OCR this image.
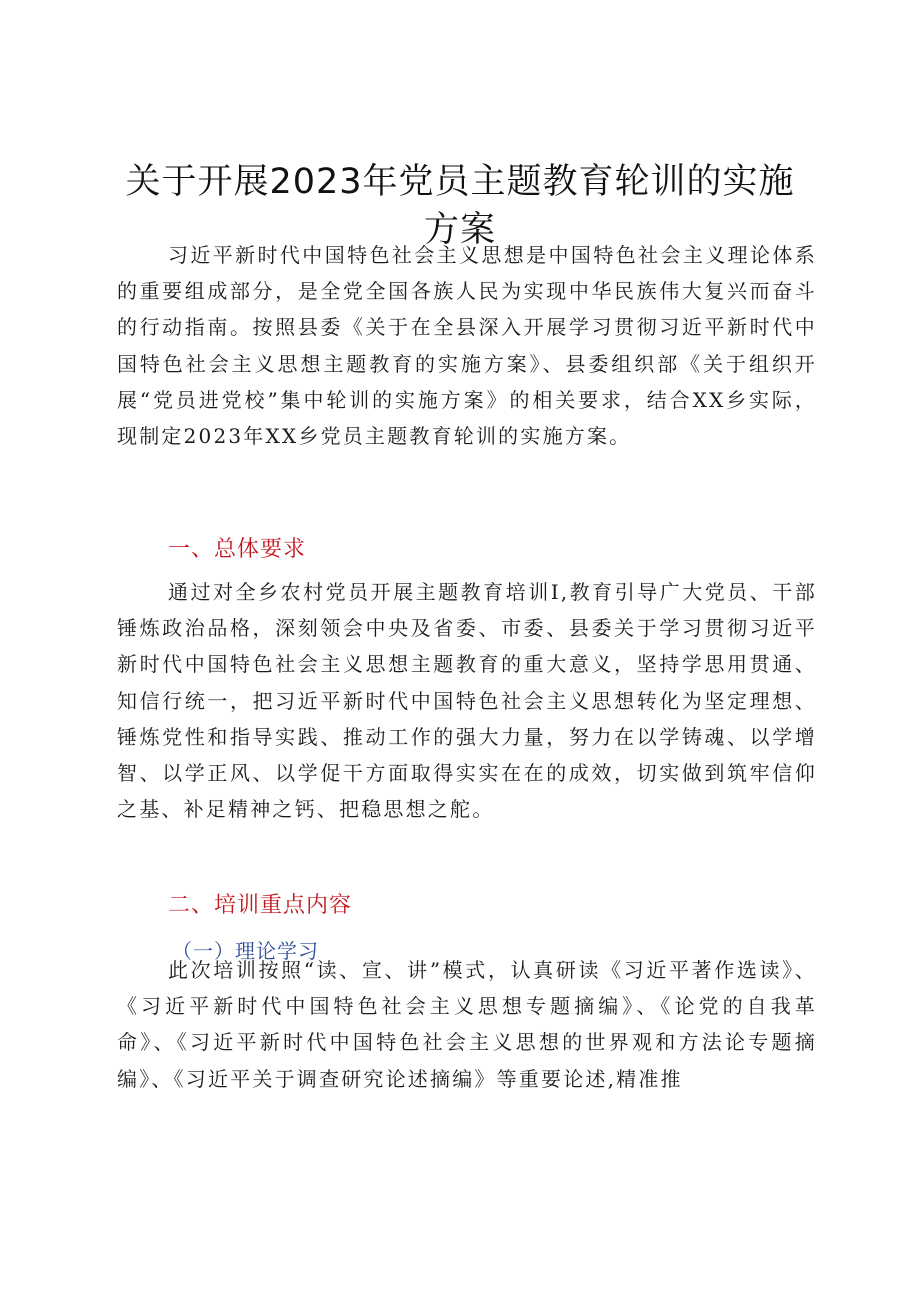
关于开展2023年党员主题教育轮训的实施方案
习近平新时代中国特色社会主义思想是中国特色社会主义理论体系的重要组成部分，是全党全国各族人民为实现中华民族伟大复兴而奋斗的行动指南。按照县委《关于在全县深入开展学习贯彻习近平新时代中国特色社会主义思想主题教育的实施方案》、县委组织部《关于组织开展“党员进党校”集中轮训的实施方案》的相关要求，结合XX乡实际，现制定2023年XX乡党员主题教育轮训的实施方案。
一、总体要求
通过对全乡农村党员开展主题教育培训I,教育引导广大党员、干部锤炼政治品格，深刻领会中央及省委、市委、县委关于学习贯彻习近平新时代中国特色社会主义思想主题教育的重大意义，坚持学思用贯通、知信行统一，把习近平新时代中国特色社会主义思想转化为坚定理想、锤炼党性和指导实践、推动工作的强大力量，努力在以学铸魂、以学增智、以学正风、以学促干方面取得实实在在的成效，切实做到筑牢信仰之基、补足精神之钙、把稳思想之舵。
二、培训重点内容
（一）理论学习
此次培训按照“读、宣、讲”模式，认真研读《习近平著作选读》、《习近平新时代中国特色社会主义思想专题摘编》、《论党的自我革命》、《习近平新时代中国特色社会主义思想的世界观和方法论专题摘编》、《习近平关于调查研究论述摘编》等重要论述,精准推
